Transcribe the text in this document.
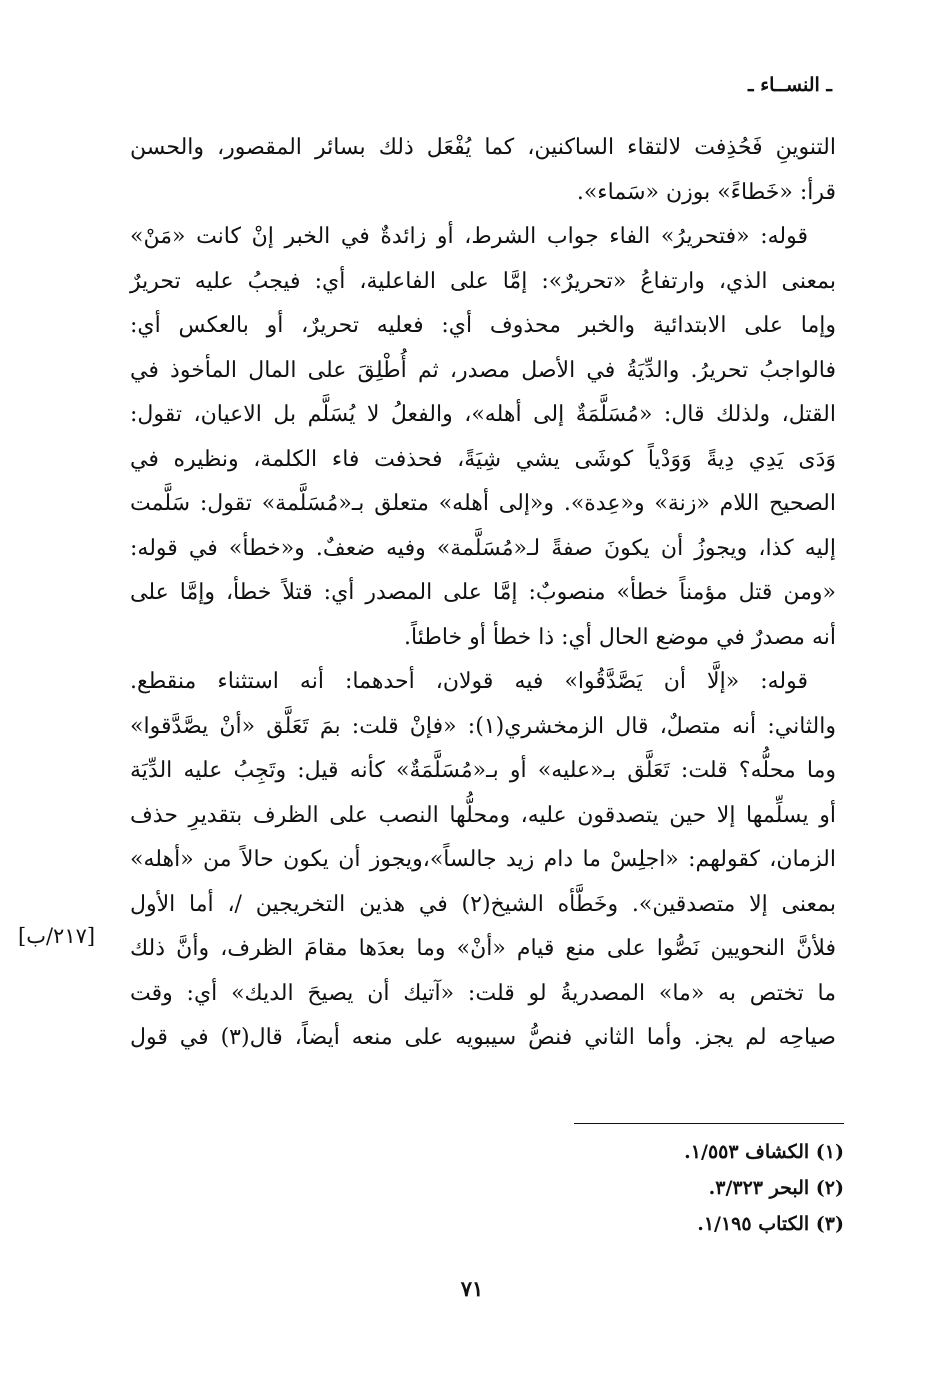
ـ النســاء ـ
التنوينِ فَحُذِفت لالتقاء الساكنين، كما يُفْعَل ذلك بسائر المقصور، والحسن
قرأ: «خَطاءً» بوزن «سَماء».
قوله: «فتحريرُ» الفاء جواب الشرط، أو زائدةٌ في الخبر إنْ كانت «مَنْ»
بمعنى الذي، وارتفاعُ «تحريرٌ»: إمَّا على الفاعلية، أي: فيجبُ عليه تحريرٌ
وإما على الابتدائية والخبر محذوف أي: فعليه تحريرٌ، أو بالعكس أي:
فالواجبُ تحريرُ. والدِّيَةُ في الأصل مصدر، ثم أُطْلِقَ على المال المأخوذ في
القتل، ولذلك قال: «مُسَلَّمَةٌ إلى أهله»، والفعلُ لا يُسَلَّم بل الاعيان، تقول:
وَدَى يَدِي دِيةً وَوَدْياً كوشَى يشي شِيَةً، فحذفت فاء الكلمة، ونظيره في
الصحيح اللام «زنة» و«عِدة». و«إلى أهله» متعلق بـ«مُسَلَّمة» تقول: سَلَّمت
إليه كذا، ويجوزُ أن يكونَ صفةً لـ«مُسَلَّمة» وفيه ضعفٌ. و«خطأ» في قوله:
«ومن قتل مؤمناً خطأ» منصوبٌ: إمَّا على المصدر أي: قتلاً خطأ، وإمَّا على
أنه مصدرٌ في موضع الحال أي: ذا خطأ أو خاطئاً.
قوله: «إلَّا أن يَصَّدَّقُوا» فيه قولان، أحدهما: أنه استثناء منقطع.
والثاني: أنه متصلٌ، قال الزمخشري(١): «فإنْ قلت: بمَ تَعَلَّق «أنْ يصَّدَّقوا»
وما محلُّه؟ قلت: تَعَلَّق بـ«عليه» أو بـ«مُسَلَّمَةٌ» كأنه قيل: وتَجِبُ عليه الدِّيَة
أو يسلِّمها إلا حين يتصدقون عليه، ومحلُّها النصب على الظرف بتقديرِ حذف
الزمان، كقولهم: «اجلِسْ ما دام زيد جالساً»،ويجوز أن يكون حالاً من «أهله»
بمعنى إلا متصدقين». وخَطَّأه الشيخ(٢) في هذين التخريجين /، أما الأول
فلأنَّ النحويين نَصُّوا على منع قيام «أنْ» وما بعدَها مقامَ الظرف، وأنَّ ذلك
ما تختص به «ما» المصدريةُ لو قلت: «آتيك أن يصيحَ الديك» أي: وقت
صياحِه لم يجز. وأما الثاني فنصُّ سيبويه على منعه أيضاً، قال(٣) في قول
[٢١٧/ب]
(١) الكشاف ١/٥٥٣.
(٢) البحر ٣/٣٢٣.
(٣) الكتاب ١/١٩٥.
٧١
